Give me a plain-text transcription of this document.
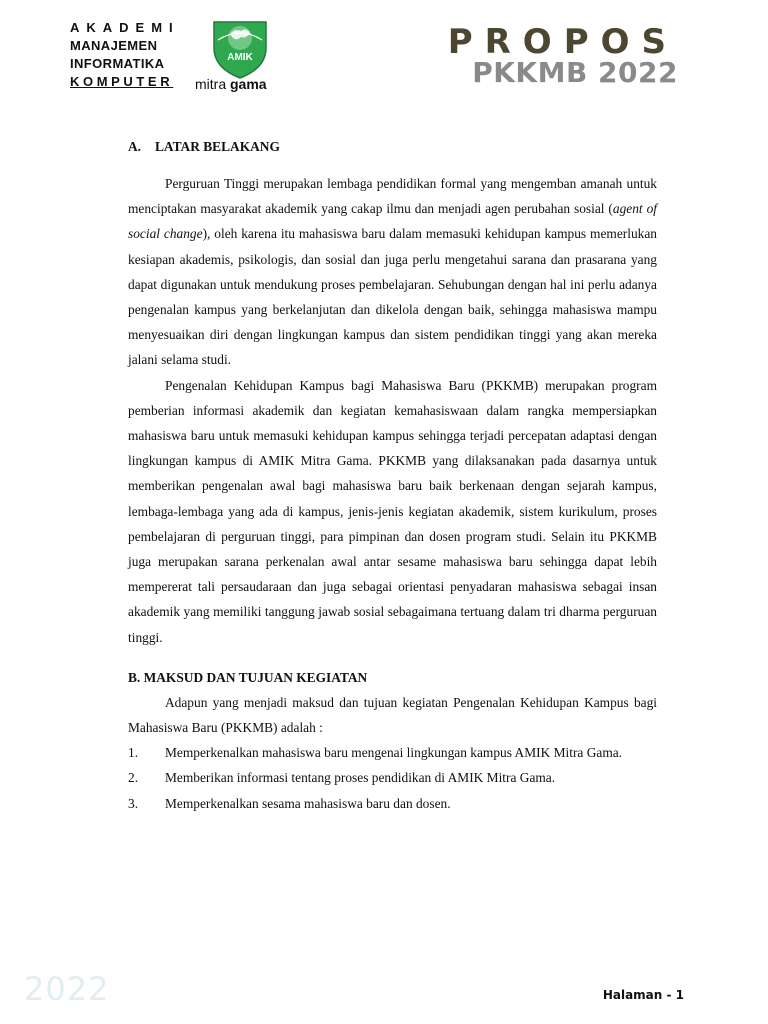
AKADEMI
MANAJEMEN
INFORMATIKA
KOMPUTER
AMIK
mitra gama
PROPOS
PKKMB 2022

A. LATAR BELAKANG

Perguruan Tinggi merupakan lembaga pendidikan formal yang mengemban amanah untuk menciptakan masyarakat akademik yang cakap ilmu dan menjadi agen perubahan sosial (agent of social change), oleh karena itu mahasiswa baru dalam memasuki kehidupan kampus memerlukan kesiapan akademis, psikologis, dan sosial dan juga perlu mengetahui sarana dan prasarana yang dapat digunakan untuk mendukung proses pembelajaran. Sehubungan dengan hal ini perlu adanya pengenalan kampus yang berkelanjutan dan dikelola dengan baik, sehingga mahasiswa mampu menyesuaikan diri dengan lingkungan kampus dan sistem pendidikan tinggi yang akan mereka jalani selama studi.

Pengenalan Kehidupan Kampus bagi Mahasiswa Baru (PKKMB) merupakan program pemberian informasi akademik dan kegiatan kemahasiswaan dalam rangka mempersiapkan mahasiswa baru untuk memasuki kehidupan kampus sehingga terjadi percepatan adaptasi dengan lingkungan kampus di AMIK Mitra Gama. PKKMB yang dilaksanakan pada dasarnya untuk memberikan pengenalan awal bagi mahasiswa baru baik berkenaan dengan sejarah kampus, lembaga-lembaga yang ada di kampus, jenis-jenis kegiatan akademik, sistem kurikulum, proses pembelajaran di perguruan tinggi, para pimpinan dan dosen program studi. Selain itu PKKMB juga merupakan sarana perkenalan awal antar sesame mahasiswa baru sehingga dapat lebih mempererat tali persaudaraan dan juga sebagai orientasi penyadaran mahasiswa sebagai insan akademik yang memiliki tanggung jawab sosial sebagaimana tertuang dalam tri dharma perguruan tinggi.

B. MAKSUD DAN TUJUAN KEGIATAN

Adapun yang menjadi maksud dan tujuan kegiatan Pengenalan Kehidupan Kampus bagi Mahasiswa Baru (PKKMB) adalah :

1.	Memperkenalkan mahasiswa baru mengenai lingkungan kampus AMIK Mitra Gama.
2.	Memberikan informasi tentang proses pendidikan di AMIK Mitra Gama.
3.	Memperkenalkan sesama mahasiswa baru dan dosen.
2022	Halaman - 1
